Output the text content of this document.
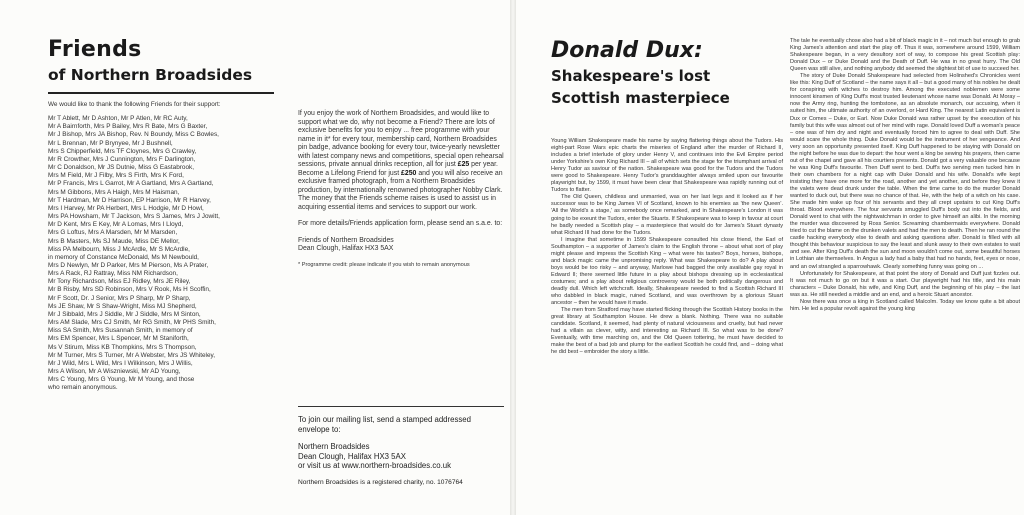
Friends
of Northern Broadsides
We would like to thank the following Friends for their support:

Mr T Ablett, Mr D Ashton, Mr P Atlen, Mr RC Auty,

Mr A Bairnforth, Mrs P Bailey, Mrs R Bate, Mrs G Baxter,

Mr J Bishop, Mrs JA Bishop, Rev. N Boundy, Miss C Bowles,

Mr L Brennan, Mr P Brynyee, Mr J Bushnell,

Mrs S Chipperfield, Mrs TF Cloynes, Mrs G Crawley,

Mr R Crowther, Mrs J Cunnington, Mrs F Darlington,

Mr C Donaldson, Mr JS Dutnie, Miss G Eastabrook,

Mrs M Field, Mr J Filby, Mrs S Firth, Mrs K Ford,

Mr P Francis, Mrs L Garrot, Mr A Gartland, Mrs A Gartland,

Mrs M Gibbons, Mrs A Haigh, Mrs M Haisman,

Mr T Hardman, Mr D Harrison, EP Harrison, Mr R Harvey,

Mrs I Harvey, Mr PA Herbert, Mrs L Hodgie, Mr D Howl,

Mrs PA Howsham, Mr T Jackson, Mrs S James, Mrs J Jowitt,

Mr D Kent, Mrs E Key, Mr A Lomas, Mrs I Lloyd,

Mrs G Loftus, Mrs A Marsden, Mr M Marsden,

Mrs B Masters, Ms SJ Maude, Miss DE Mellor,

Miss PA Melbourn, Miss J McArdle, Mr S McArdle,

in memory of Constance McDonald, Ms M Newbould,

Mrs D Newlyn, Mr D Parker, Mrs M Pierson, Ms A Prater,

Mrs A Rack, RJ Rattray, Miss NM Richardson,

Mr Tony Richardson, Miss EJ Ridley, Mrs JE Riley,

Mr B Risby, Mrs SD Robinson, Mrs V Rook, Ms H Scoffin,

Mr F Scott, Dr. J Senior, Mrs P Sharp, Mr P Sharp,

Ms JE Shaw, Mr S Shaw-Wright, Miss MJ Shepherd,

Mr J Sibbald, Mrs J Siddle, Mr J Siddle, Mrs M Sinton,

Mrs AM Slade, Mrs CJ Smith, Mr RG Smith, Mr PHS Smith,

Miss SA Smith, Mrs Susannah Smith, in memory of

Mrs EM Spencer, Mrs L Spencer, Mr M Staniforth,

Ms V Stirum, Miss KB Thompkins, Mrs S Thompson,

Mr M Turner, Mrs S Turner, Mr A Webster, Mrs JS Whiteley,

Mr J Wild, Mrs L Wild, Mrs I Wilkinson, Mrs J Willis,

Mrs A Wilson, Mr A Wiszniewski, Mr AD Young,

Mrs C Young, Mrs G Young, Mr M Young, and those

who remain anonymous.

If you enjoy the work of Northern Broadsides, and would like to support what we do, why not become a Friend? There are lots of exclusive benefits for you to enjoy ... free programme with your name in it* for every tour, membership card, Northern Broadsides pin badge, advance booking for every tour, twice-yearly newsletter with latest company news and competitions, special open rehearsal sessions, private annual drinks reception, all for just £25 per year. Become a Lifelong Friend for just £250 and you will also receive an exclusive framed photograph, from a Northern Broadsides production, by internationally renowned photographer Nobby Clark. The money that the Friends scheme raises is used to assist us in acquiring essential items and services to support our work.

For more details/Friends application form, please send an s.a.e. to:

Friends of Northern Broadsides
Dean Clough, Halifax HX3 5AX

* Programme credit: please indicate if you wish to remain anonymous

To join our mailing list, send a stamped addressed envelope to:

Northern Broadsides
Dean Clough, Halifax HX3 5AX
or visit us at www.northern-broadsides.co.uk

Northern Broadsides is a registered charity, no. 1076764

Donald Dux:
Shakespeare's lost
Scottish masterpiece

Young William Shakespeare made his name by saying flattering things about the Tudors. His eight-part Rose Wars epic charts the miseries of England after the murder of Richard II, includes a brief interlude of glory under Henry V, and continues into the Evil Empire period under Yorkshire's own King Richard III – all of which sets the stage for the triumphant arrival of Henry Tudor as saviour of the nation. Shakespeare was good for the Tudors and the Tudors were good to Shakespeare. Henry Tudor's granddaughter always smiled upon our favourite playwright but, by 1599, it must have been clear that Shakespeare was rapidly running out of Tudors to flatter.

The Old Queen, childless and unmarried, was on her last legs and it looked as if her successor was to be King James VI of Scotland, known to his enemies as 'the new Queen'. 'All the World's a stage,' as somebody once remarked, and in Shakespeare's London it was going to be exeunt the Tudors, enter the Stuarts. If Shakespeare was to keep in favour at court he badly needed a Scottish play – a masterpiece that would do for James's Stuart dynasty what Richard III had done for the Tudors.

I imagine that sometime in 1599 Shakespeare consulted his close friend, the Earl of Southampton – a supporter of James's claim to the English throne – about what sort of play might please and impress the Scottish King – what were his tastes? Boys, horses, bishops, and black magic came the unpromising reply. What was Shakespeare to do? A play about boys would be too risky – and anyway, Marlowe had bagged the only available gay royal in Edward II; there seemed little future in a play about bishops dressing up in ecclesiastical costumes; and a play about religious controversy would be both politically dangerous and deadly dull. Which left witchcraft. Ideally, Shakespeare needed to find a Scottish Richard III who dabbled in black magic, ruined Scotland, and was overthrown by a glorious Stuart ancestor – then he would have it made.

The men from Stratford may have started flicking through the Scottish History books in the great library at Southampton House. He drew a blank. Nothing. There was no suitable candidate. Scotland, it seemed, had plenty of natural viciousness and cruelty, but had never had a villain as clever, witty, and interesting as Richard III. So what was to be done? Eventually, with time marching on, and the Old Queen tottering, he must have decided to make the best of a bad job and plump for the earliest Scottish he could find, and – doing what he did best – embroider the story a little.

The tale he eventually chose also had a bit of black magic in it – not much but enough to grab King James's attention and start the play off. Thus it was, somewhere around 1599, William Shakespeare began, in a very desultory sort of way, to compose his great Scottish play: Donald Dux – or Duke Donald and the Death of Duff. He was in no great hurry. The Old Queen was still alive, and nothing anybody did seemed the slightest bit of use to succeed her.

The story of Duke Donald Shakespeare had selected from Holinshed's Chronicles went like this: King Duff of Scotland – the name says it all – but a good many of his nobles he dealt for conspiring with witches to destroy him. Among the executed noblemen were some innocent kinsmen of King Duff's most trusted lieutenant whose name was Donald. At Moray – now the Army ring, hunting the tombstone, as an absolute monarch, our accusing, when it suited him, the ultimate authority of an overlord, or Hard King. The nearest Latin equivalent is Dux or Comes – Duke, or Earl. Now Duke Donald was rather upset by the execution of his family but this wife was almost out of her mind with rage. Donald loved Duff a woman's peace – one was of him dry and night and eventually forced him to agree to deal with Duff. She would scare the whole thing. Duke Donald would be the instrument of her vengeance. And very soon an opportunity presented itself. King Duff happened to be staying with Donald on the night before he was due to depart: the hour went a king be sewing his prayers, then came out of the chapel and gave all his courtiers presents. Donald got a very valuable one because he was King Duff's favourite. Then Duff went to bed. Duff's two serving men tucked him in their own chambers for a night cap with Duke Donald and his wife. Donald's wife kept insisting they have one more for the road, another and yet another, and before they knew it the valets were dead drunk under the table. When the time came to do the murder Donald wanted to duck out, but there was no chance of that. He, with the help of a witch on his case. She made him wake up four of his servants and they all crept upstairs to cut King Duff's throat. Blood everywhere. The four servants smuggled Duff's body out into the fields, and Donald went to chat with the nightwatchman in order to give himself an alibi. In the morning the murder was discovered by Ross Senior. Screaming chambermaids everywhere. Donald tried to cut the blame on the drunken valets and had the men to death. Then he ran round the castle hacking everybody else to death and asking questions after. Donald is filled with all thought this behaviour suspicious to say the least and slunk away to their own estates to wait and see. After King Duff's death the sun and moon wouldn't come out, some beautiful horses in Lothian ate themselves. In Angus a lady had a baby that had no hands, feet, eyes or nose, and an owl strangled a sparrowhawk. Clearly something funny was going on ...

Unfortunately for Shakespeare, at that point the story of Donald and Duff just fizzles out. It was not much to go on but it was a start. Our playwright had his title, and his main characters – Duke Donald, his wife, and King Duff, and the beginning of his play – the last was as. He still needed a middle and an end, and a heroic Stuart ancestor.

Now there was once a king in Scotland called Malcolm. Today we know quite a bit about him. He led a popular revolt against the young king
